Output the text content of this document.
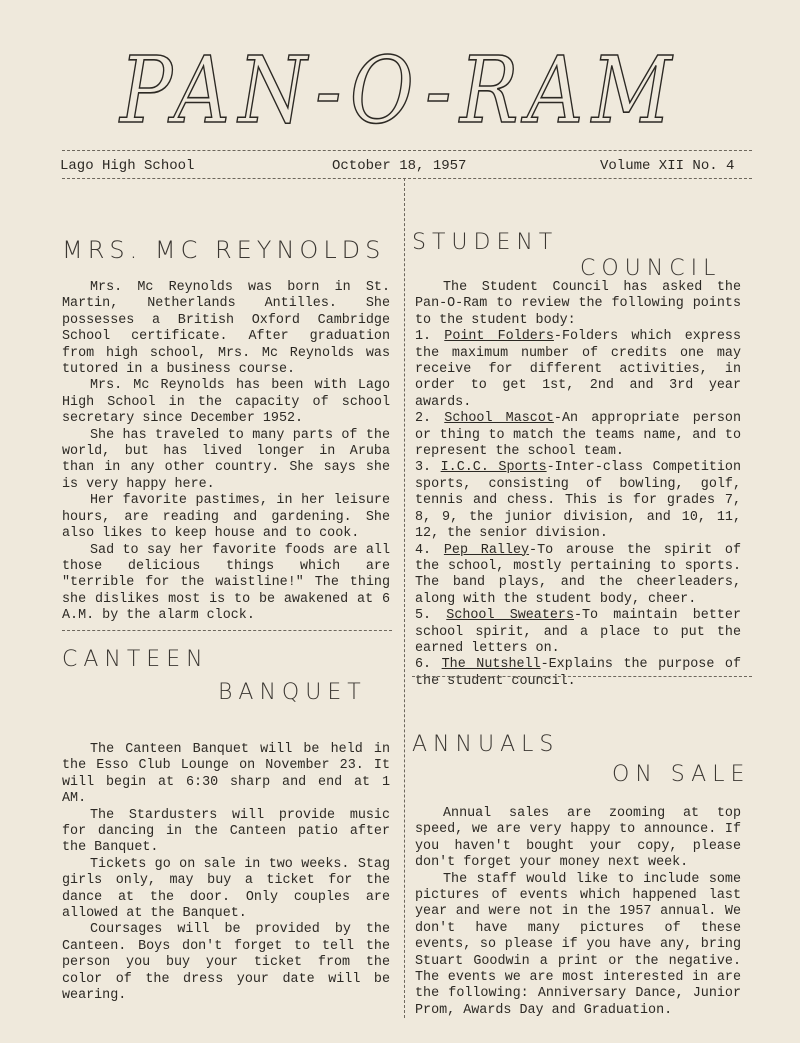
PAN-O-RAM

Lago High School

	October 18, 1957

	Volume XII No. 4

MRS. MC REYNOLDS

Mrs. Mc Reynolds was born in St. Martin, Netherlands Antilles. She possesses a British Oxford Cambridge School certificate. After graduation from high school, Mrs. Mc Reynolds was tutored in a business course.

Mrs. Mc Reynolds has been with Lago High School in the capacity of school secretary since December 1952.

She has traveled to many parts of the world, but has lived longer in Aruba than in any other country. She says she is very happy here.

Her favorite pastimes, in her leisure hours, are reading and gardening. She also likes to keep house and to cook.

Sad to say her favorite foods are all those delicious things which are "terrible for the waistline!" The thing she dislikes most is to be awakened at 6 A.M. by the alarm clock.

CANTEEN
BANQUET

The Canteen Banquet will be held in the Esso Club Lounge on November 23. It will begin at 6:30 sharp and end at 1 AM.

The Stardusters will provide music for dancing in the Canteen patio after the Banquet.

Tickets go on sale in two weeks. Stag girls only, may buy a ticket for the dance at the door. Only couples are allowed at the Banquet.

Coursages will be provided by the Canteen. Boys don't forget to tell the person you buy your ticket from the color of the dress your date will be wearing.

STUDENT
COUNCIL

The Student Council has asked the Pan-O-Ram to review the following points to the student body:

1. Point Folders-Folders which express the maximum number of credits one may receive for different activities, in order to get 1st, 2nd and 3rd year awards.

2. School Mascot-An appropriate person or thing to match the teams name, and to represent the school team.

3. I.C.C. Sports-Inter-class Competition sports, consisting of bowling, golf, tennis and chess. This is for grades 7, 8, 9, the junior division, and 10, 11, 12, the senior division.

4. Pep Ralley-To arouse the spirit of the school, mostly pertaining to sports. The band plays, and the cheerleaders, along with the student body, cheer.

5. School Sweaters-To maintain better school spirit, and a place to put the earned letters on.

6. The Nutshell-Explains the purpose of the student council.

ANNUALS
ON SALE

Annual sales are zooming at top speed, we are very happy to announce. If you haven't bought your copy, please don't forget your money next week.

The staff would like to include some pictures of events which happened last year and were not in the 1957 annual. We don't have many pictures of these events, so please if you have any, bring Stuart Goodwin a print or the negative. The events we are most interested in are the following: Anniversary Dance, Junior Prom, Awards Day and Graduation.
